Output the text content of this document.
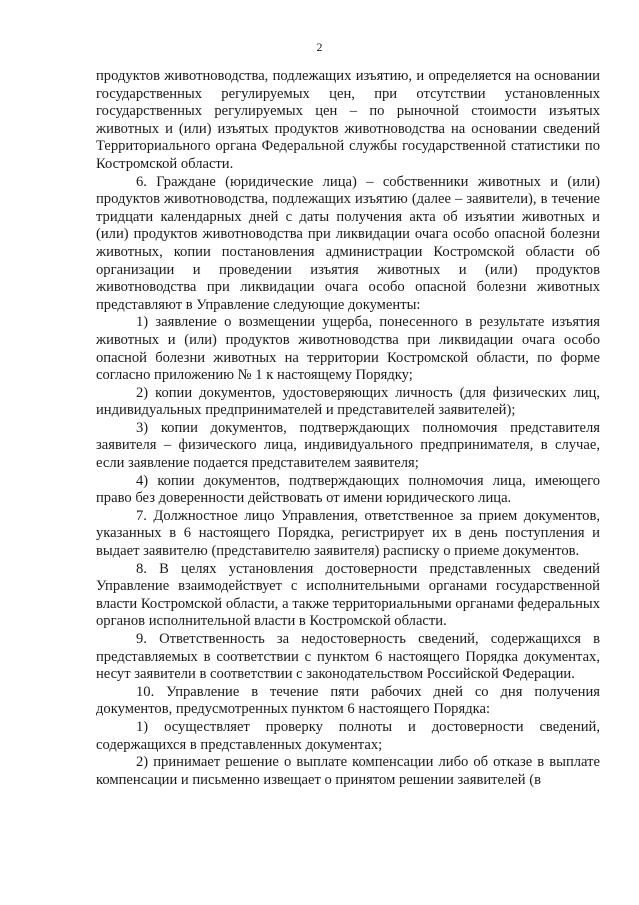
2

продуктов животноводства, подлежащих изъятию, и определяется на основании государственных регулируемых цен, при отсутствии установленных государственных регулируемых цен – по рыночной стоимости изъятых животных и (или) изъятых продуктов животноводства на основании сведений Территориального органа Федеральной службы государственной статистики по Костромской области.

6. Граждане (юридические лица) – собственники животных и (или) продуктов животноводства, подлежащих изъятию (далее – заявители), в течение тридцати календарных дней с даты получения акта об изъятии животных и (или) продуктов животноводства при ликвидации очага особо опасной болезни животных, копии постановления администрации Костромской области об организации и проведении изъятия животных и (или) продуктов животноводства при ликвидации очага особо опасной болезни животных представляют в Управление следующие документы:

1) заявление о возмещении ущерба, понесенного в результате изъятия животных и (или) продуктов животноводства при ликвидации очага особо опасной болезни животных на территории Костромской области, по форме согласно приложению № 1 к настоящему Порядку;

2) копии документов, удостоверяющих личность (для физических лиц, индивидуальных предпринимателей и представителей заявителей);

3) копии документов, подтверждающих полномочия представителя заявителя – физического лица, индивидуального предпринимателя, в случае, если заявление подается представителем заявителя;

4) копии документов, подтверждающих полномочия лица, имеющего право без доверенности действовать от имени юридического лица.

7. Должностное лицо Управления, ответственное за прием документов, указанных в 6 настоящего Порядка, регистрирует их в день поступления и выдает заявителю (представителю заявителя) расписку о приеме документов.

8. В целях установления достоверности представленных сведений Управление взаимодействует с исполнительными органами государственной власти Костромской области, а также территориальными органами федеральных органов исполнительной власти в Костромской области.

9. Ответственность за недостоверность сведений, содержащихся в представляемых в соответствии с пунктом 6 настоящего Порядка документах, несут заявители в соответствии с законодательством Российской Федерации.

10. Управление в течение пяти рабочих дней со дня получения документов, предусмотренных пунктом 6 настоящего Порядка:

1) осуществляет проверку полноты и достоверности сведений, содержащихся в представленных документах;

2) принимает решение о выплате компенсации либо об отказе в выплате компенсации и письменно извещает о принятом решении заявителей (в
